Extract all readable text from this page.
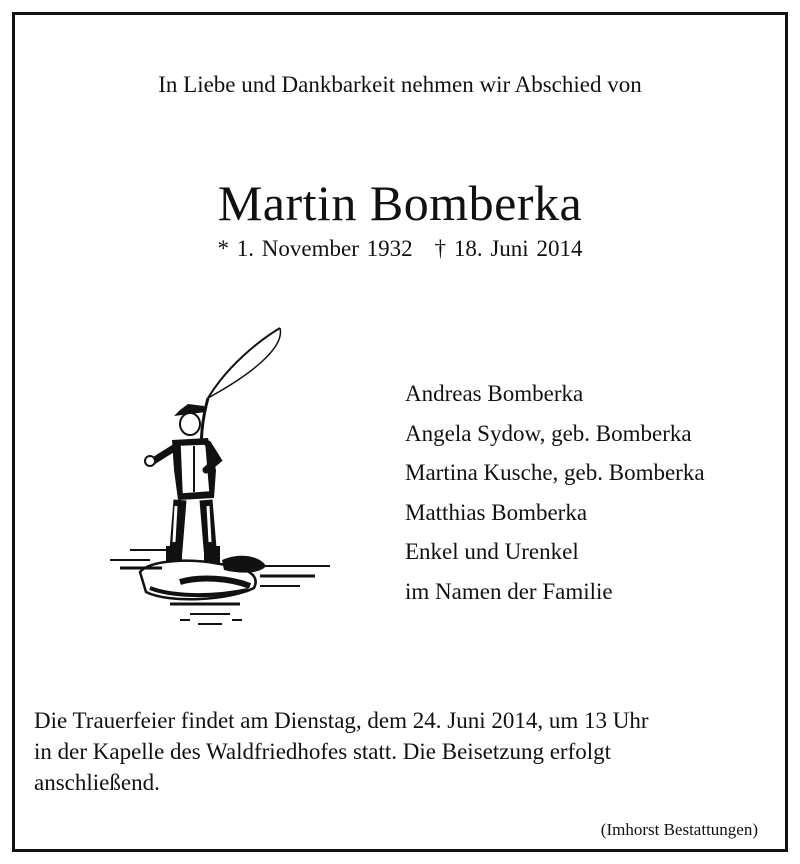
In Liebe und Dankbarkeit nehmen wir Abschied von
Martin Bomberka
* 1. November 1932 † 18. Juni 2014
Andreas Bomberka
Angela Sydow, geb. Bomberka
Martina Kusche, geb. Bomberka
Matthias Bomberka
Enkel und Urenkel
im Namen der Familie
Die Trauerfeier findet am Dienstag, dem 24. Juni 2014, um 13 Uhr
in der Kapelle des Waldfriedhofes statt. Die Beisetzung erfolgt
anschließend.
(Imhorst Bestattungen)
